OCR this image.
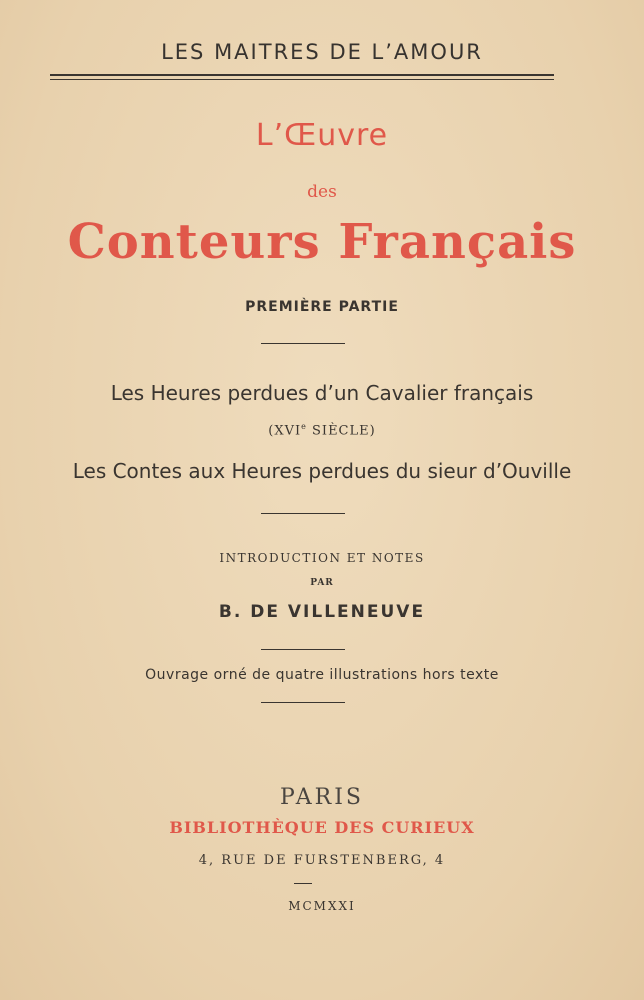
LES MAITRES DE L’AMOUR
L’Œuvre
des
Conteurs Français
PREMIÈRE PARTIE
Les Heures perdues d’un Cavalier français
(XVIe SIÈCLE)
Les Contes aux Heures perdues du sieur d’Ouville
INTRODUCTION ET NOTES
PAR
B. DE VILLENEUVE
Ouvrage orné de quatre illustrations hors texte
PARIS
BIBLIOTHÈQUE DES CURIEUX
4, RUE DE FURSTENBERG, 4
MCMXXI
